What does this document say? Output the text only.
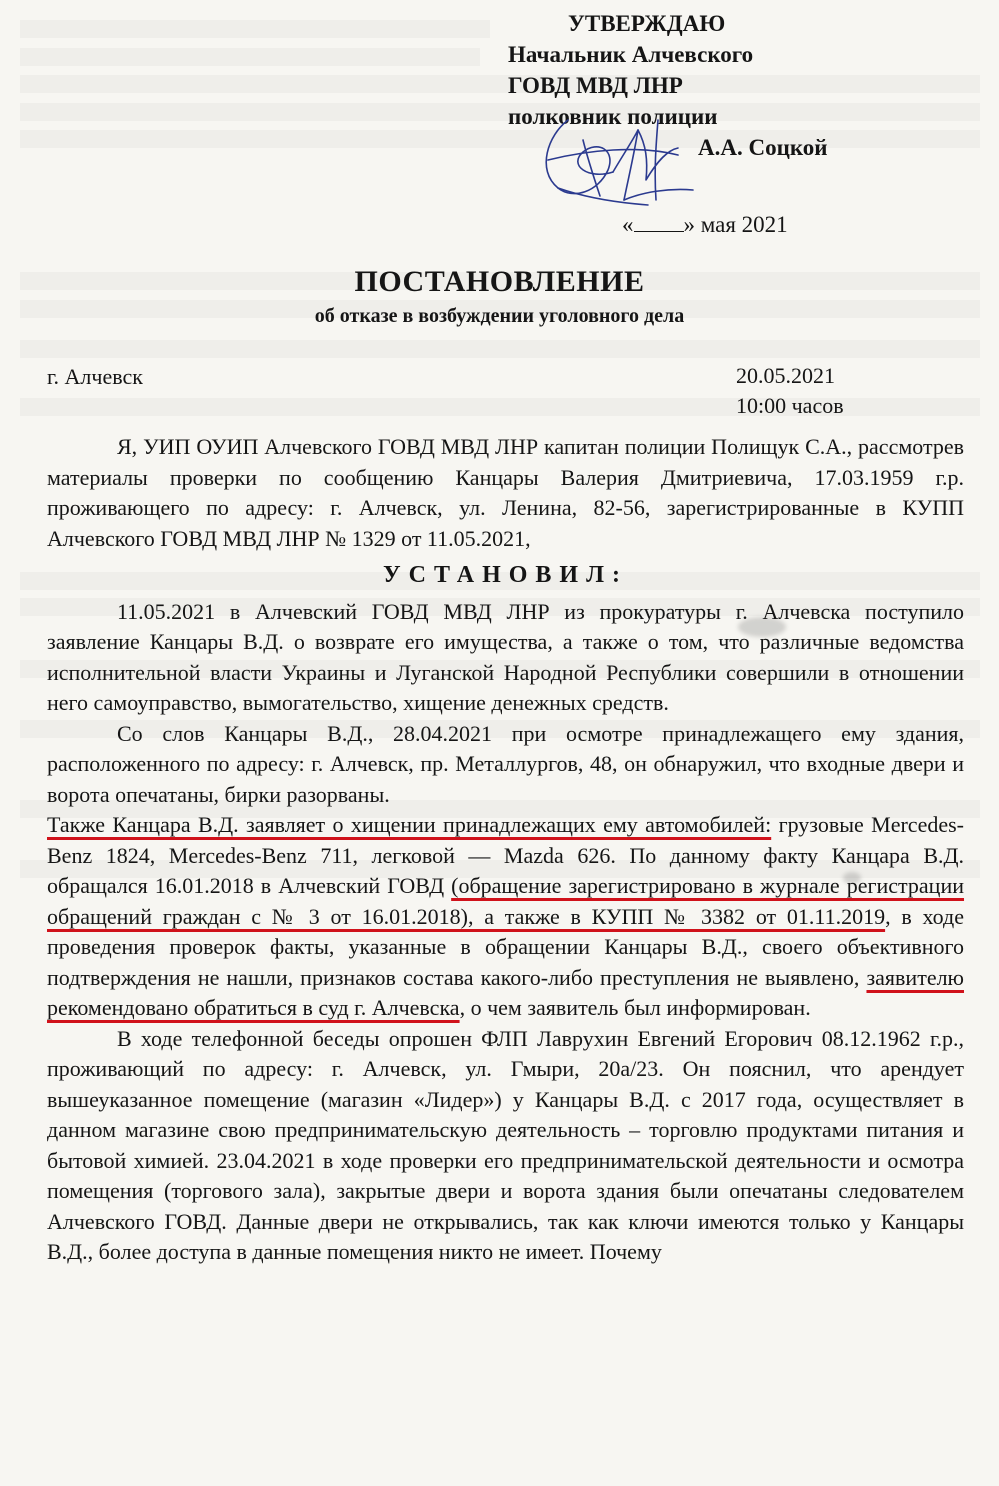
УТВЕРЖДАЮ
Начальник Алчевского
ГОВД МВД ЛНР
полковник полиции
А.А. Соцкой
« » мая 2021
ПОСТАНОВЛЕНИЕ
об отказе в возбуждении уголовного дела
г. Алчевск	20.05.2021
10:00 часов

Я, УИП ОУИП Алчевского ГОВД МВД ЛНР капитан полиции Полищук С.А., рассмотрев материалы проверки по сообщению Канцары Валерия Дмитриевича, 17.03.1959 г.р. проживающего по адресу: г. Алчевск, ул. Ленина, 82-56, зарегистрированные в КУПП Алчевского ГОВД МВД ЛНР № 1329 от 11.05.2021,

УСТАНОВИЛ:

11.05.2021 в Алчевский ГОВД МВД ЛНР из прокуратуры г. Алчевска поступило заявление Канцары В.Д. о возврате его имущества, а также о том, что различные ведомства исполнительной власти Украины и Луганской Народной Республики совершили в отношении него самоуправство, вымогательство, хищение денежных средств.

Со слов Канцары В.Д., 28.04.2021 при осмотре принадлежащего ему здания, расположенного по адресу: г. Алчевск, пр. Металлургов, 48, он обнаружил, что входные двери и ворота опечатаны, бирки разорваны.

Также Канцара В.Д. заявляет о хищении принадлежащих ему автомобилей: грузовые Mercedes-Benz 1824, Mercedes-Benz 711, легковой — Mazda 626. По данному факту Канцара В.Д. обращался 16.01.2018 в Алчевский ГОВД (обращение зарегистрировано в журнале регистрации обращений граждан с № 3 от 16.01.2018), а также в КУПП № 3382 от 01.11.2019, в ходе проведения проверок факты, указанные в обращении Канцары В.Д., своего объективного подтверждения не нашли, признаков состава какого-либо преступления не выявлено, заявителю рекомендовано обратиться в суд г. Алчевска, о чем заявитель был информирован.

В ходе телефонной беседы опрошен ФЛП Лаврухин Евгений Егорович 08.12.1962 г.р., проживающий по адресу: г. Алчевск, ул. Гмыри, 20а/23. Он пояснил, что арендует вышеуказанное помещение (магазин «Лидер») у Канцары В.Д. с 2017 года, осуществляет в данном магазине свою предпринимательскую деятельность – торговлю продуктами питания и бытовой химией. 23.04.2021 в ходе проверки его предпринимательской деятельности и осмотра помещения (торгового зала), закрытые двери и ворота здания были опечатаны следователем Алчевского ГОВД. Данные двери не открывались, так как ключи имеются только у Канцары В.Д., более доступа в данные помещения никто не имеет. Почему
